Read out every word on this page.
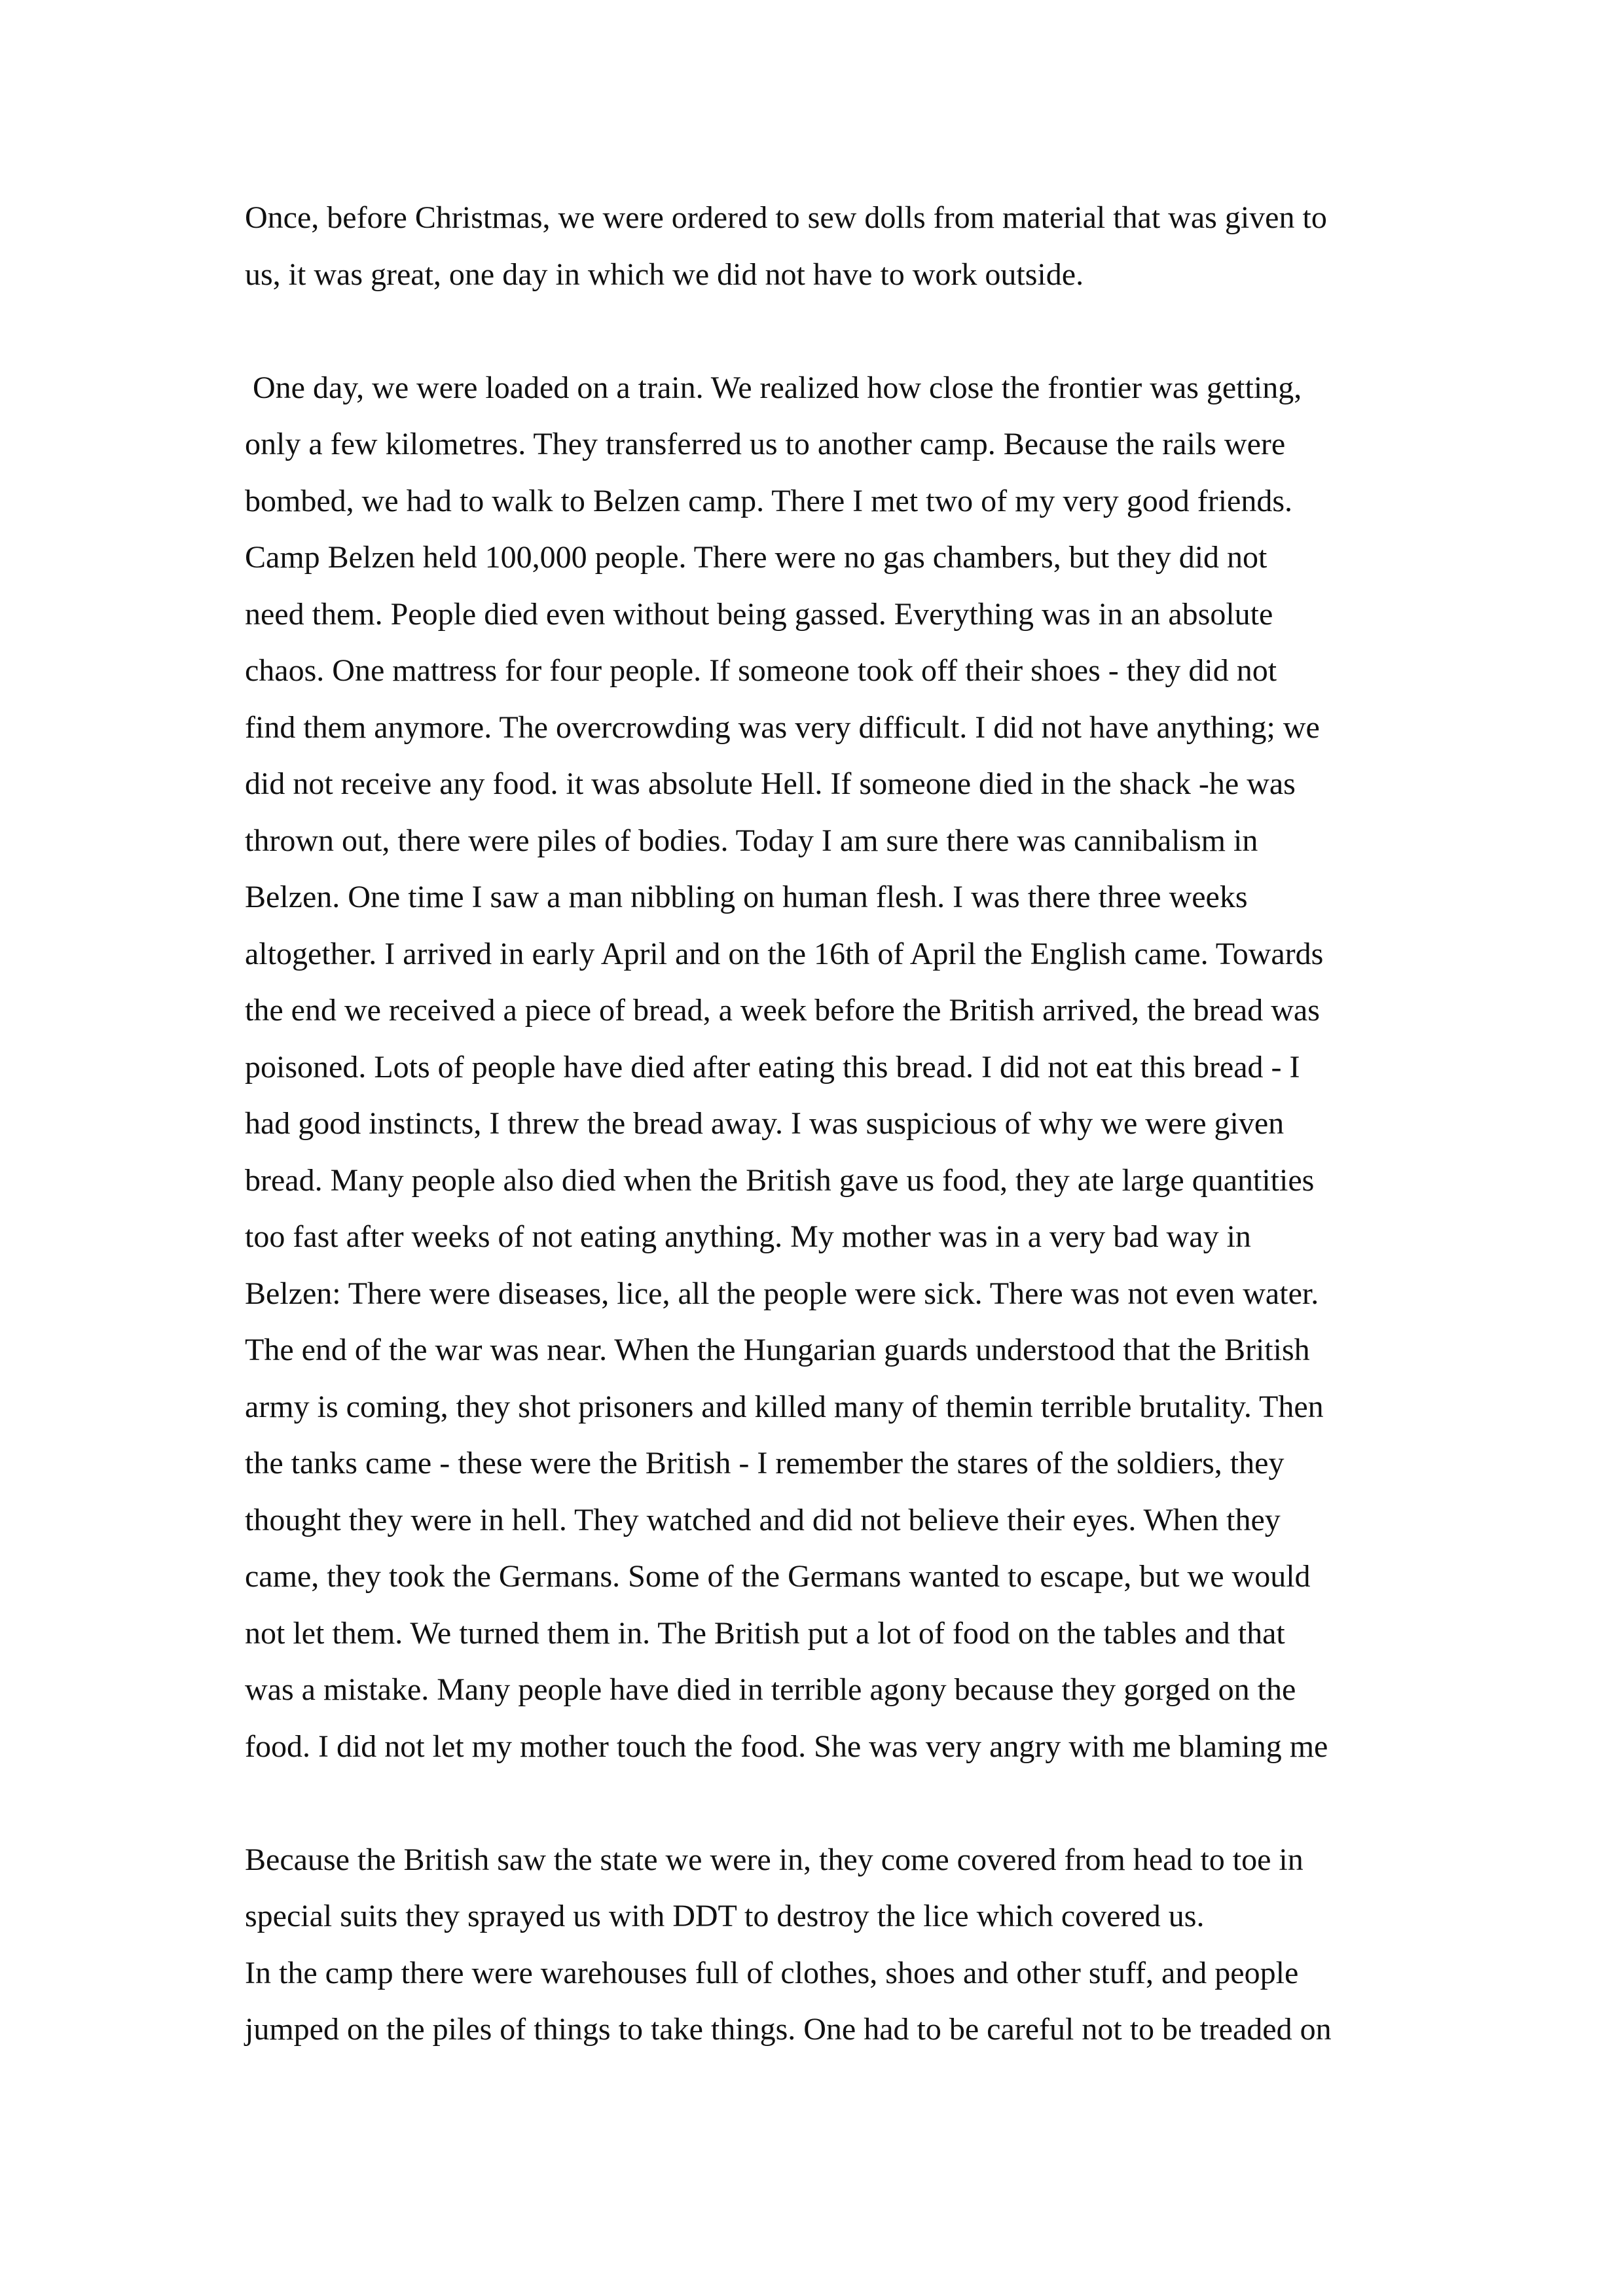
Once, before Christmas, we were ordered to sew dolls from material that was given to
us, it was great, one day in which we did not have to work outside.
One day, we were loaded on a train. We realized how close the frontier was getting,
only a few kilometres. They transferred us to another camp. Because the rails were
bombed, we had to walk to Belzen camp. There I met two of my very good friends.
Camp Belzen held 100,000 people. There were no gas chambers, but they did not
need them. People died even without being gassed. Everything was in an absolute
chaos. One mattress for four people. If someone took off their shoes - they did not
find them anymore. The overcrowding was very difficult. I did not have anything; we
did not receive any food. it was absolute Hell. If someone died in the shack -he was
thrown out, there were piles of bodies. Today I am sure there was cannibalism in
Belzen. One time I saw a man nibbling on human flesh. I was there three weeks
altogether. I arrived in early April and on the 16th of April the English came. Towards
the end we received a piece of bread, a week before the British arrived, the bread was
poisoned. Lots of people have died after eating this bread. I did not eat this bread - I
had good instincts, I threw the bread away. I was suspicious of why we were given
bread. Many people also died when the British gave us food, they ate large quantities
too fast after weeks of not eating anything. My mother was in a very bad way in
Belzen: There were diseases, lice, all the people were sick. There was not even water.
The end of the war was near. When the Hungarian guards understood that the British
army is coming, they shot prisoners and killed many of themin terrible brutality. Then
the tanks came - these were the British - I remember the stares of the soldiers, they
thought they were in hell. They watched and did not believe their eyes. When they
came, they took the Germans. Some of the Germans wanted to escape, but we would
not let them. We turned them in. The British put a lot of food on the tables and that
was a mistake. Many people have died in terrible agony because they gorged on the
food. I did not let my mother touch the food. She was very angry with me blaming me
Because the British saw the state we were in, they come covered from head to toe in
special suits they sprayed us with DDT to destroy the lice which covered us.
In the camp there were warehouses full of clothes, shoes and other stuff, and people
jumped on the piles of things to take things. One had to be careful not to be treaded on
